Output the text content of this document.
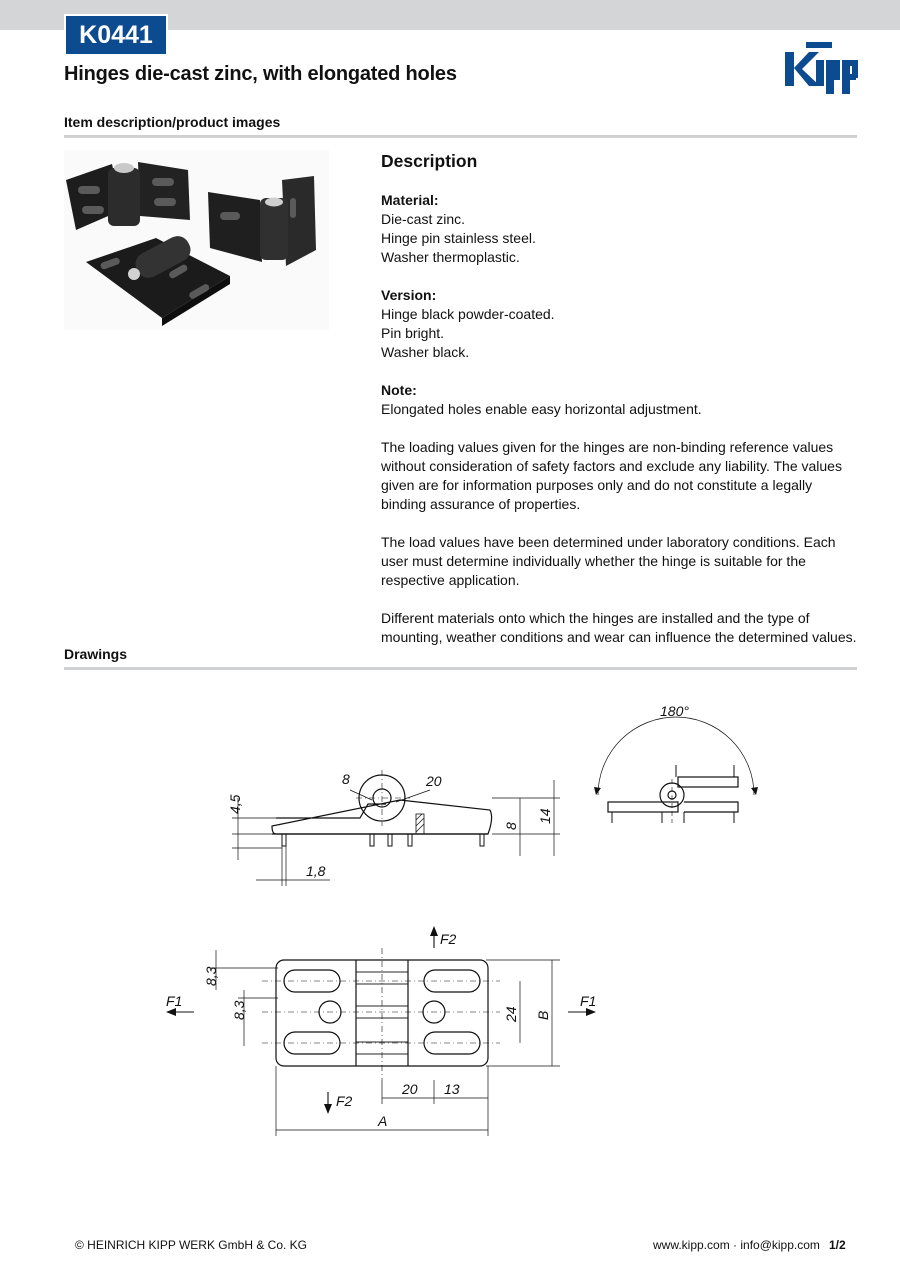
K0441
Hinges die-cast zinc, with elongated holes
Item description/product images
Description
Material:
Die-cast zinc.
Hinge pin stainless steel.
Washer thermoplastic.
Version:
Hinge black powder-coated.
Pin bright.
Washer black.
Note:

Elongated holes enable easy horizontal adjustment.

The loading values given for the hinges are non-binding reference values without consideration of safety factors and exclude any liability. The values given are for information purposes only and do not constitute a legally binding assurance of properties.

The load values have been determined under laboratory conditions. Each user must determine individually whether the hinge is suitable for the respective application.

Different materials onto which the hinges are installed and the type of mounting, weather conditions and wear can influence the determined values.

Drawings
4,5
8	20
8
14
1,8
180°
8,3
8,3
F1	F1
F2
F2
24 B
20 13
A
© HEINRICH KIPP WERK GmbH & Co. KG	www.kipp.com · info@kipp.com 1/2
